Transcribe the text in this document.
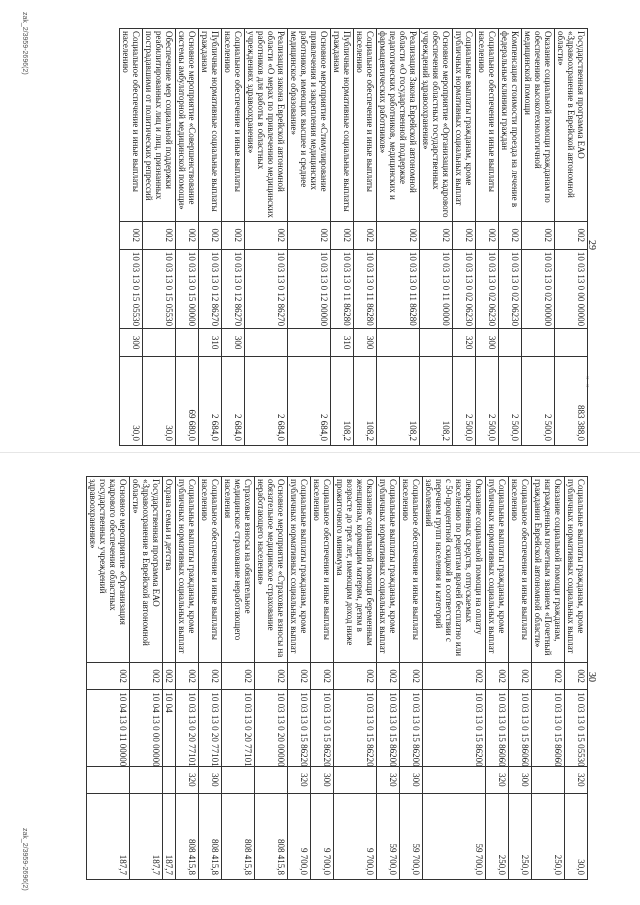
29
"
"
zak_2/3959-2696(2)	Государственная программа ЕАО «Здравоохранение в Еврейской автономной области»	002	10 03 13 0 00 00000		883 388,0
Оказание социальной помощи гражданам по обеспечению высокотехнологичной медицинской помощи	002	10 03 13 0 02 00000		2 500,0
Компенсация стоимости проезда на лечение в федеральные клиники граждан	002	10 03 13 0 02 06230		2 500,0
Социальное обеспечение и иные выплаты населению	002	10 03 13 0 02 06230	300	2 500,0
Социальные выплаты гражданам, кроме публичных нормативных социальных выплат	002	10 03 13 0 02 06230	320	2 500,0
Основное мероприятие «Организация кадрового обеспечения областных государственных учреждений здравоохранения»	002	10 03 13 0 11 00000		108,2
Реализация Закона Еврейской автономной области «О государственной поддержке педагогических работников, медицинских и фармацевтических работников»	002	10 03 13 0 11 86280		108,2
Социальное обеспечение и иные выплаты населению	002	10 03 13 0 11 86280	300	108,2
Публичные нормативные социальные выплаты гражданам	002	10 03 13 0 11 86280	310	108,2
Основное мероприятие «Стимулирование привлечения и закрепления медицинских работников, имеющих высшее и среднее медицинское образование»	002	10 03 13 0 12 00000		2 684,0
Реализация закона Еврейской автономной области «О мерах по привлечению медицинских работников для работы в областных учреждениях здравоохранения»	002	10 03 13 0 12 86270		2 684,0
Социальное обеспечение и иные выплаты населению	002	10 03 13 0 12 86270	300	2 684,0
Публичные нормативные социальные выплаты гражданам	002	10 03 13 0 12 86270	310	2 684,0
Основное мероприятие «Совершенствование системы амбулаторной медицинской помощи»	002	10 03 13 0 15 00000		69 680,0
Обеспечение мер социальной поддержки реабилитированных лиц и лиц, признанных пострадавшими от политических репрессий	002	10 03 13 0 15 05530		30,0
Социальное обеспечение и иные выплаты населению	002	10 03 13 0 15 05530	300	30,0
30
zak_2/3959-2696(2)
Социальные выплаты гражданам, кроме публичных нормативных социальных выплат	002	10 03 13 0 15 05530	320	30,0
Оказание социальной помощи гражданам, награжденным почетным званием «Почетный гражданин Еврейской автономной области»	002	10 03 13 0 15 86060		250,0
Социальное обеспечение и иные выплаты населению	002	10 03 13 0 15 86060	300	250,0
Социальные выплаты гражданам, кроме публичных нормативных социальных выплат	002	10 03 13 0 15 86060	320	250,0
Оказание социальной помощи на оплату лекарственных средств, отпускаемых населению по рецептам врачей бесплатно или с 50-процентной скидкой в соответствии с перечнем групп населения и категорий заболеваний	002	10 03 13 0 15 86200		59 700,0
Социальное обеспечение и иные выплаты населению	002	10 03 13 0 15 86200	300	59 700,0
Социальные выплаты гражданам, кроме публичных нормативных социальных выплат	002	10 03 13 0 15 86200	320	59 700,0
Оказание социальной помощи беременным женщинам, кормящим матерям, детям в возрасте до трех лет, имеющим доход ниже прожиточного минимума	002	10 03 13 0 15 86220		9 700,0
Социальное обеспечение и иные выплаты населению	002	10 03 13 0 15 86220	300	9 700,0
Социальные выплаты гражданам, кроме публичных нормативных социальных выплат	002	10 03 13 0 15 86220	320	9 700,0
Основное мероприятие «Страховые взносы на обязательное медицинское страхование неработающего населения»	002	10 03 13 0 20 00000		808 415,8
Страховые взносы на обязательное медицинское страхование неработающего населения	002	10 03 13 0 20 77101		808 415,8
Социальное обеспечение и иные выплаты населению	002	10 03 13 0 20 77101	300	808 415,8
Социальные выплаты гражданам, кроме публичных нормативных социальных выплат	002	10 03 13 0 20 77101	320	808 415,8
Охрана семьи и детства	002	10 04		187,7
Государственная программа ЕАО «Здравоохранение в Еврейской автономной области»	002	10 04 13 0 00 00000		187,7
Основное мероприятие «Организация кадрового обеспечения областных государственных учреждений здравоохранения»	002	10 04 13 0 11 00000		187,7
